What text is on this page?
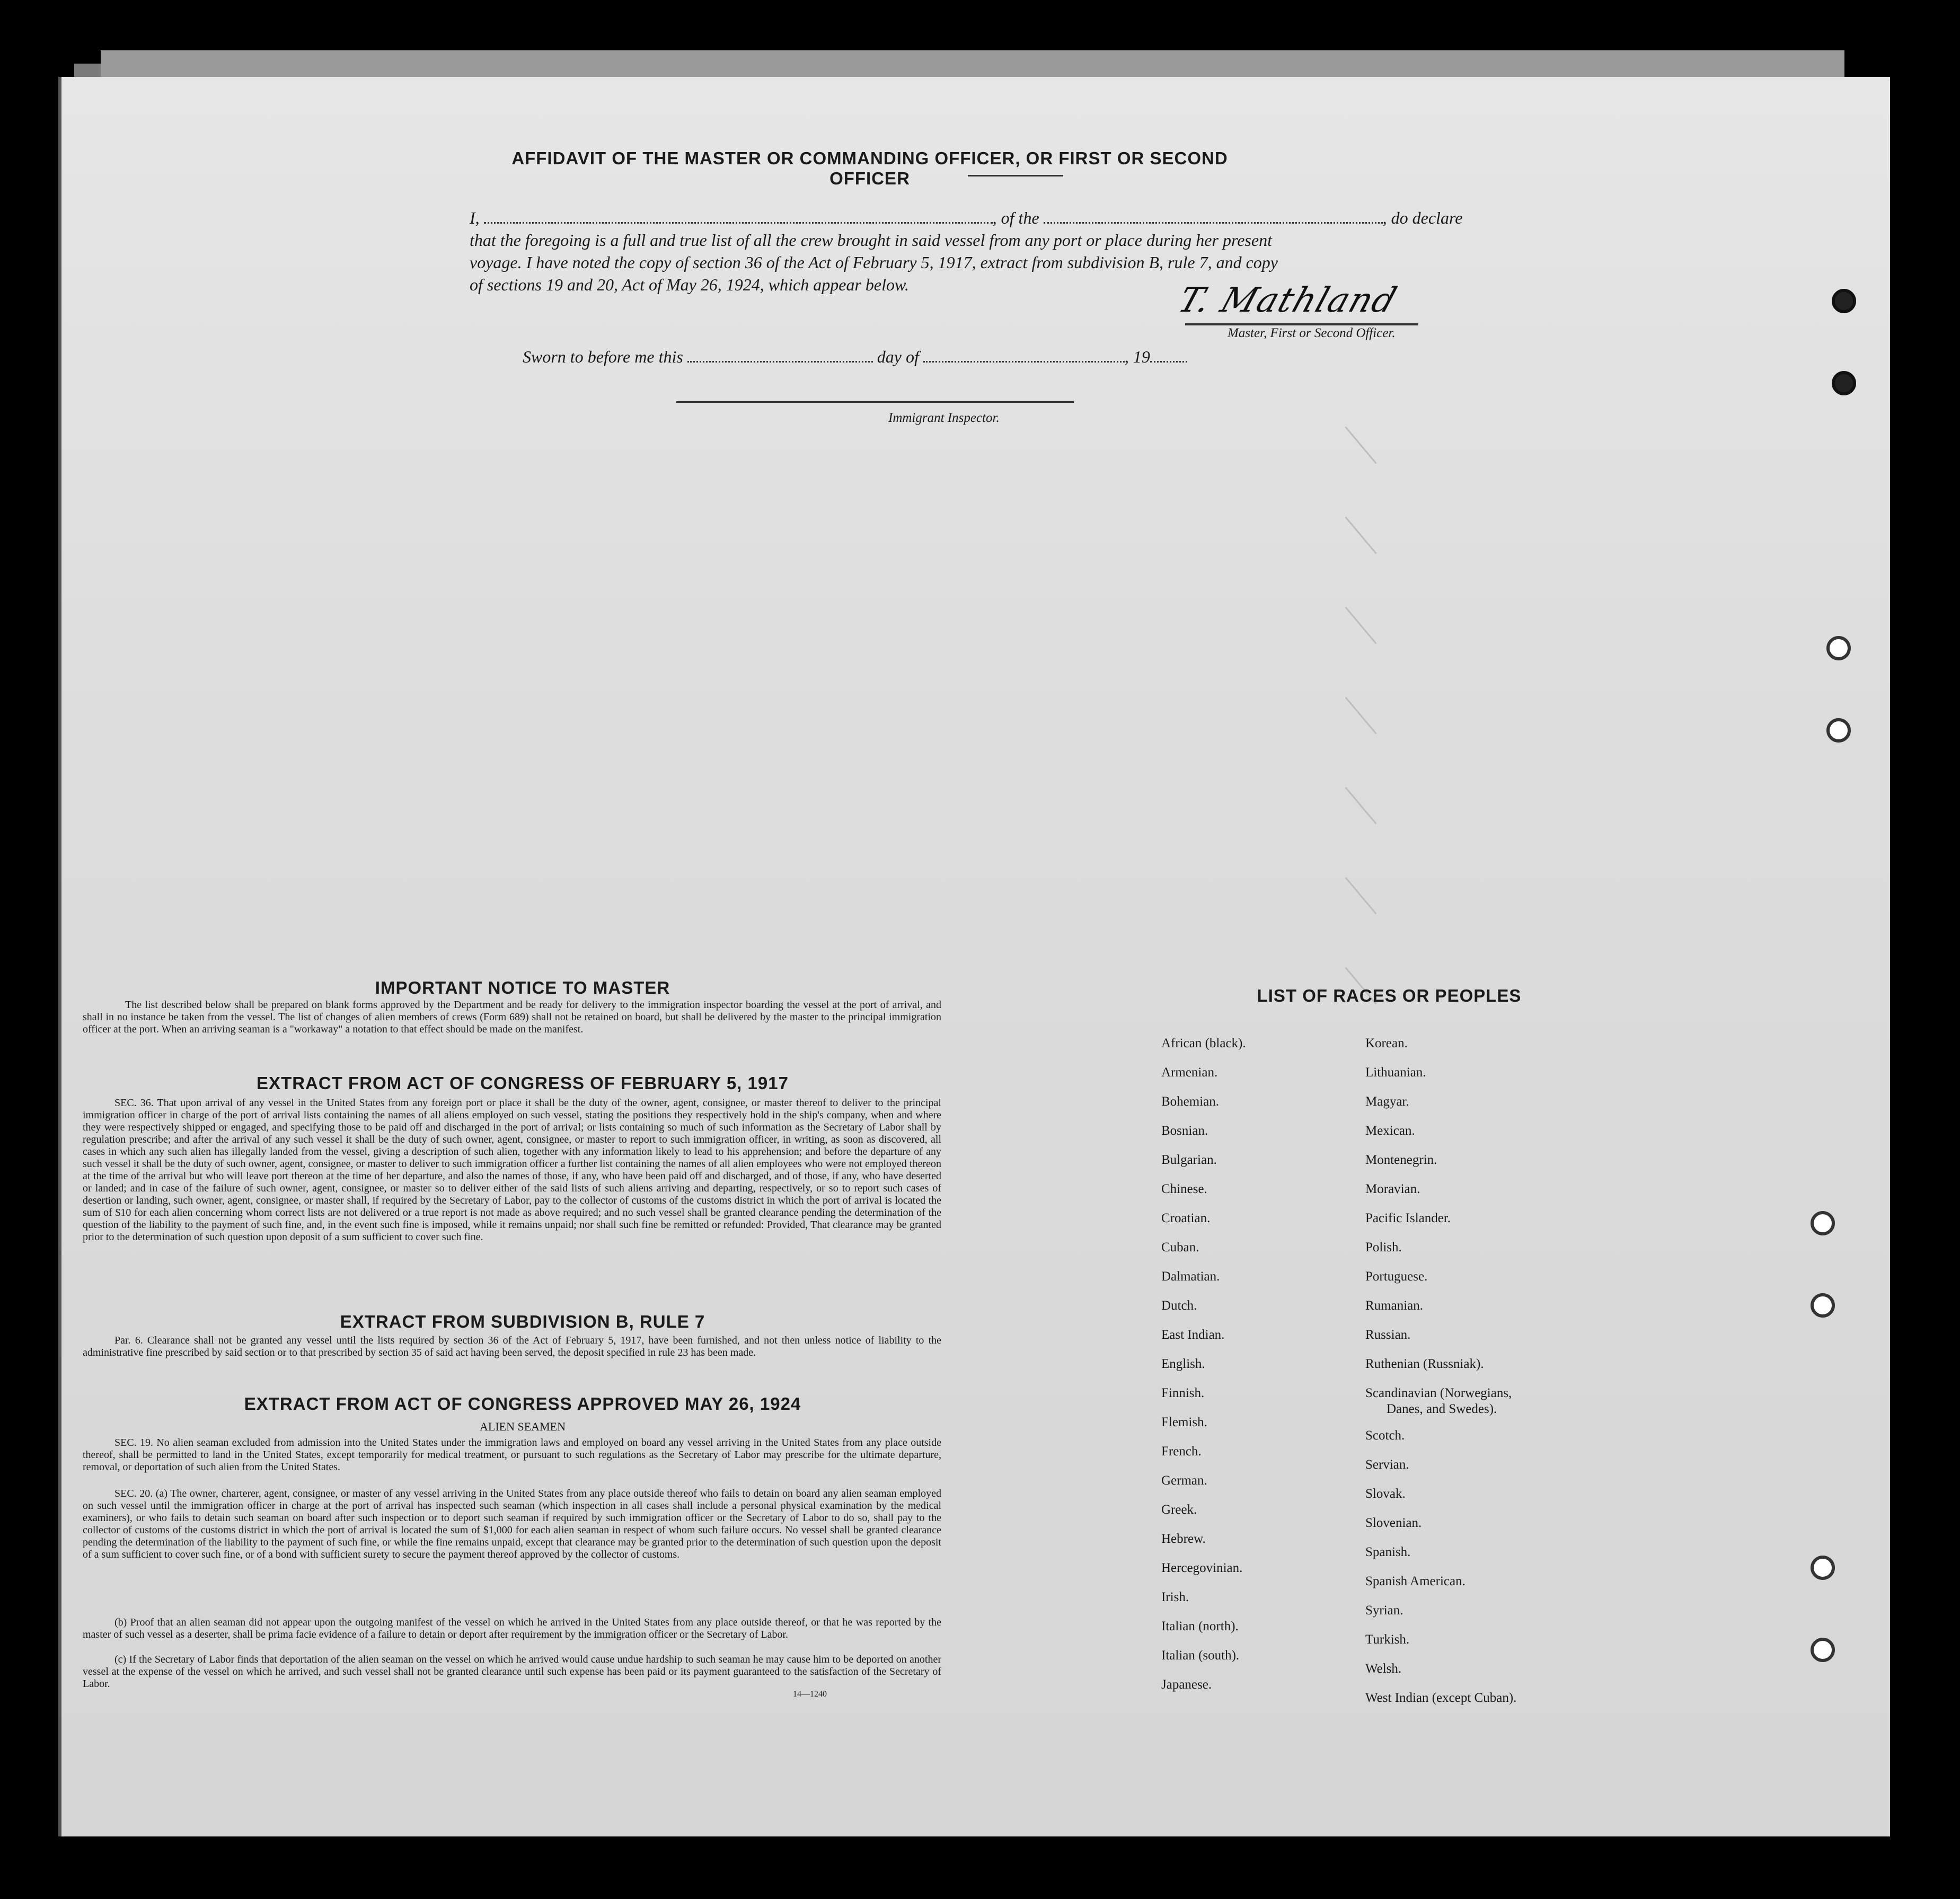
AFFIDAVIT OF THE MASTER OR COMMANDING OFFICER, OR FIRST OR SECOND OFFICER
I,	, of the	, do declare
that the foregoing is a full and true list of all the crew brought in said vessel from any port or place during her present
voyage. I have noted the copy of section 36 of the Act of February 5, 1917, extract from subdivision B, rule 7, and copy
of sections 19 and 20, Act of May 26, 1924, which appear below.	T. Mathland
Master, First or Second Officer.
Sworn to before me this	day of	, 19
Immigrant Inspector.
IMPORTANT NOTICE TO MASTER
The list described below shall be prepared on blank forms approved by the Department and be ready for delivery to the immigration inspector boarding the vessel at the port of arrival, and shall in no instance be taken from the vessel. The list of changes of alien members of crews (Form 689) shall not be retained on board, but shall be delivered by the master to the principal immigration officer at the port. When an arriving seaman is a "workaway" a notation to that effect should be made on the manifest.
EXTRACT FROM ACT OF CONGRESS OF FEBRUARY 5, 1917
SEC. 36. That upon arrival of any vessel in the United States from any foreign port or place it shall be the duty of the owner, agent, consignee, or master thereof to deliver to the principal immigration officer in charge of the port of arrival lists containing the names of all aliens employed on such vessel, stating the positions they respectively hold in the ship's company, when and where they were respectively shipped or engaged, and specifying those to be paid off and discharged in the port of arrival; or lists containing so much of such information as the Secretary of Labor shall by regulation prescribe; and after the arrival of any such vessel it shall be the duty of such owner, agent, consignee, or master to report to such immigration officer, in writing, as soon as discovered, all cases in which any such alien has illegally landed from the vessel, giving a description of such alien, together with any information likely to lead to his apprehension; and before the departure of any such vessel it shall be the duty of such owner, agent, consignee, or master to deliver to such immigration officer a further list containing the names of all alien employees who were not employed thereon at the time of the arrival but who will leave port thereon at the time of her departure, and also the names of those, if any, who have been paid off and discharged, and of those, if any, who have deserted or landed; and in case of the failure of such owner, agent, consignee, or master so to deliver either of the said lists of such aliens arriving and departing, respectively, or so to report such cases of desertion or landing, such owner, agent, consignee, or master shall, if required by the Secretary of Labor, pay to the collector of customs of the customs district in which the port of arrival is located the sum of $10 for each alien concerning whom correct lists are not delivered or a true report is not made as above required; and no such vessel shall be granted clearance pending the determination of the question of the liability to the payment of such fine, and, in the event such fine is imposed, while it remains unpaid; nor shall such fine be remitted or refunded: Provided, That clearance may be granted prior to the determination of such question upon deposit of a sum sufficient to cover such fine.
EXTRACT FROM SUBDIVISION B, RULE 7
Par. 6. Clearance shall not be granted any vessel until the lists required by section 36 of the Act of February 5, 1917, have been furnished, and not then unless notice of liability to the administrative fine prescribed by said section or to that prescribed by section 35 of said act having been served, the deposit specified in rule 23 has been made.
EXTRACT FROM ACT OF CONGRESS APPROVED MAY 26, 1924
ALIEN SEAMEN
SEC. 19. No alien seaman excluded from admission into the United States under the immigration laws and employed on board any vessel arriving in the United States from any place outside thereof, shall be permitted to land in the United States, except temporarily for medical treatment, or pursuant to such regulations as the Secretary of Labor may prescribe for the ultimate departure, removal, or deportation of such alien from the United States.
SEC. 20. (a) The owner, charterer, agent, consignee, or master of any vessel arriving in the United States from any place outside thereof who fails to detain on board any alien seaman employed on such vessel until the immigration officer in charge at the port of arrival has inspected such seaman (which inspection in all cases shall include a personal physical examination by the medical examiners), or who fails to detain such seaman on board after such inspection or to deport such seaman if required by such immigration officer or the Secretary of Labor to do so, shall pay to the collector of customs of the customs district in which the port of arrival is located the sum of $1,000 for each alien seaman in respect of whom such failure occurs. No vessel shall be granted clearance pending the determination of the liability to the payment of such fine, or while the fine remains unpaid, except that clearance may be granted prior to the determination of such question upon the deposit of a sum sufficient to cover such fine, or of a bond with sufficient surety to secure the payment thereof approved by the collector of customs.
(b) Proof that an alien seaman did not appear upon the outgoing manifest of the vessel on which he arrived in the United States from any place outside thereof, or that he was reported by the master of such vessel as a deserter, shall be prima facie evidence of a failure to detain or deport after requirement by the immigration officer or the Secretary of Labor.
(c) If the Secretary of Labor finds that deportation of the alien seaman on the vessel on which he arrived would cause undue hardship to such seaman he may cause him to be deported on another vessel at the expense of the vessel on which he arrived, and such vessel shall not be granted clearance until such expense has been paid or its payment guaranteed to the satisfaction of the Secretary of Labor.
14—1240
LIST OF RACES OR PEOPLES
African (black).
Armenian.
Bohemian.
Bosnian.
Bulgarian.
Chinese.
Croatian.
Cuban.
Dalmatian.
Dutch.
East Indian.
English.
Finnish.
Flemish.
French.
German.
Greek.
Hebrew.
Hercegovinian.
Irish.
Italian (north).
Italian (south).
Japanese.
Korean.
Lithuanian.
Magyar.
Mexican.
Montenegrin.
Moravian.
Pacific Islander.
Polish.
Portuguese.
Rumanian.
Russian.
Ruthenian (Russniak).
Scandinavian (Norwegians,
Danes, and Swedes).
Scotch.
Servian.
Slovak.
Slovenian.
Spanish.
Spanish American.
Syrian.
Turkish.
Welsh.
West Indian (except Cuban).
